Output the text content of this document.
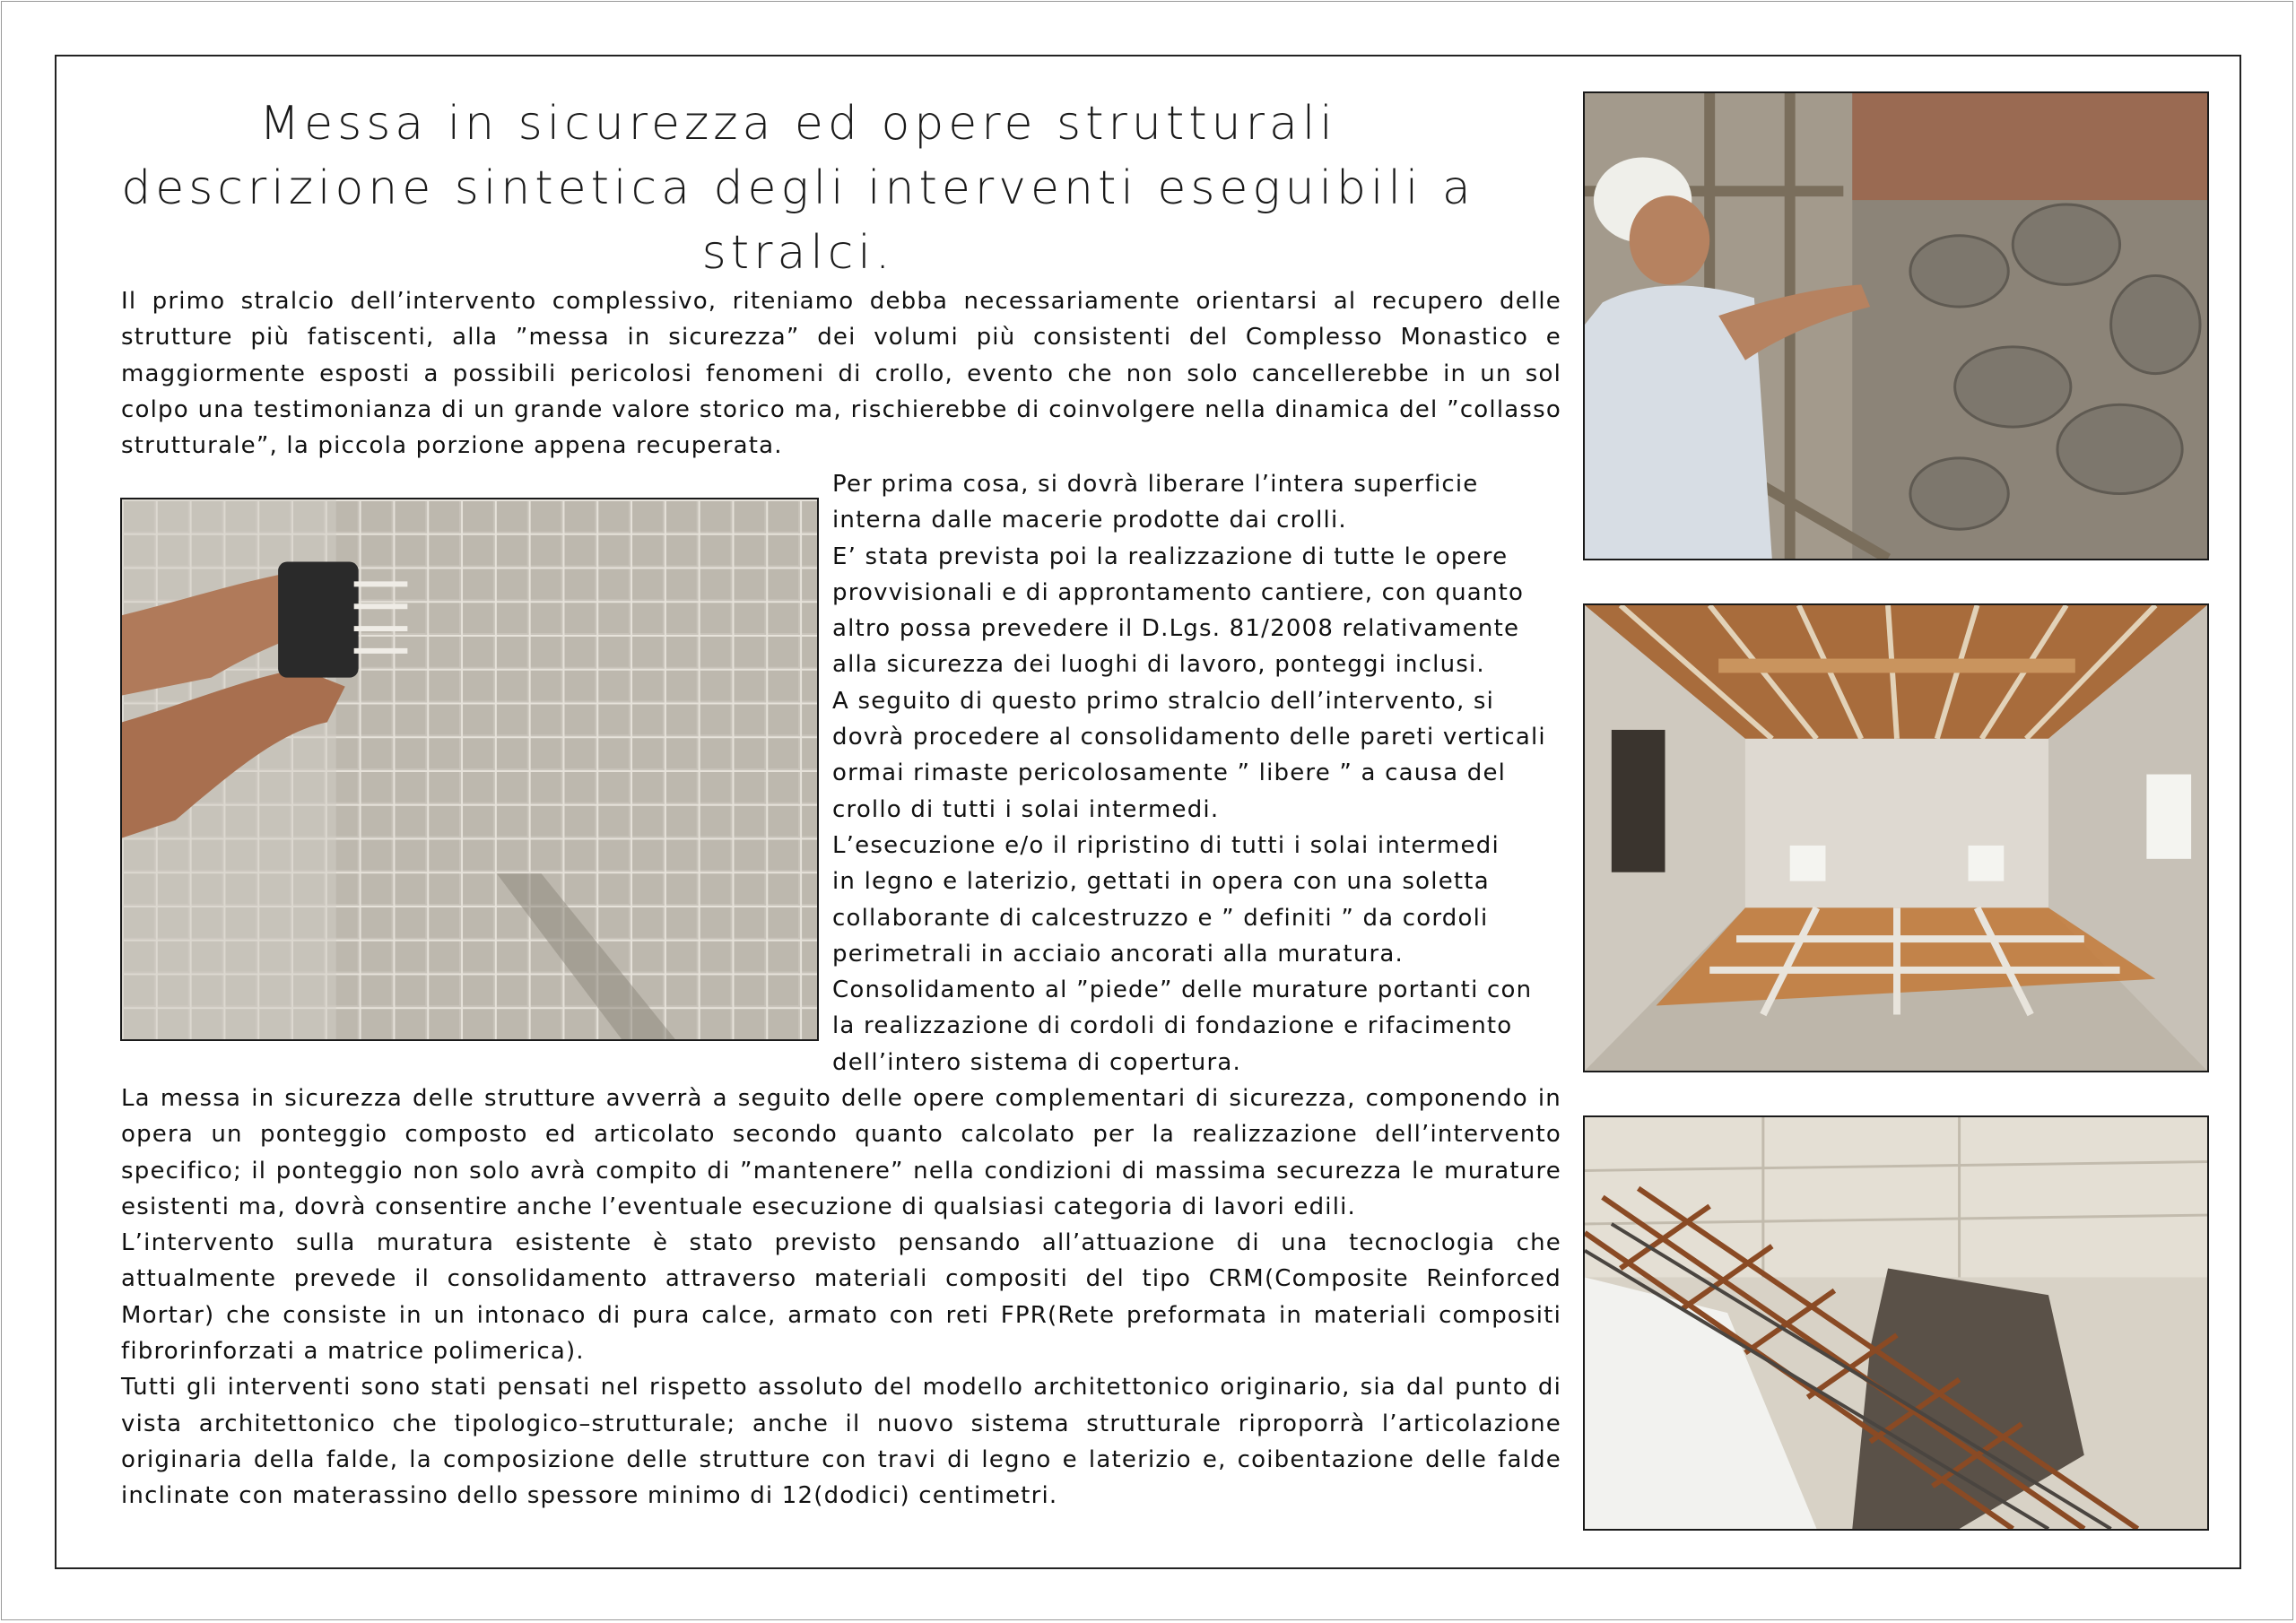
Messa in sicurezza ed opere strutturali
descrizione sintetica degli interventi eseguibili a stralci.

Il primo stralcio dell’intervento complessivo, riteniamo debba necessariamente orientarsi al recupero delle strutture più fatiscenti, alla ”messa in sicurezza” dei volumi più consistenti del Complesso Monastico e maggiormente esposti a possibili pericolosi fenomeni di crollo, evento che non solo cancellerebbe in un sol colpo una testimonianza di un grande valore storico ma, rischierebbe di coinvolgere nella dinamica del ”collasso strutturale”, la piccola porzione appena recuperata.

Per prima cosa, si dovrà liberare l’intera superficie
interna dalle macerie prodotte dai crolli.
E’ stata prevista poi la realizzazione di tutte le opere
provvisionali e di approntamento cantiere, con quanto
altro possa prevedere il D.Lgs. 81/2008 relativamente
alla sicurezza dei luoghi di lavoro, ponteggi inclusi.
A seguito di questo primo stralcio dell’intervento, si
dovrà procedere al consolidamento delle pareti verticali
ormai rimaste pericolosamente ” libere ” a causa del
crollo di tutti i solai intermedi.
L’esecuzione e/o il ripristino di tutti i solai intermedi
in legno e laterizio, gettati in opera con una soletta
collaborante di calcestruzzo e ” definiti ” da cordoli
perimetrali in acciaio ancorati alla muratura.
Consolidamento al ”piede” delle murature portanti con
la realizzazione di cordoli di fondazione e rifacimento
dell’intero sistema di copertura.
La messa in sicurezza delle strutture avverrà a seguito delle opere complementari di sicurezza, componendo in opera un ponteggio composto ed articolato secondo quanto calcolato per la realizzazione dell’intervento specifico; il ponteggio non solo avrà compito di ”mantenere” nella condizioni di massima securezza le murature esistenti ma, dovrà consentire anche l’eventuale esecuzione di qualsiasi categoria di lavori edili.
L’intervento sulla muratura esistente è stato previsto pensando all’attuazione di una tecnoclogia che attualmente prevede il consolidamento attraverso materiali compositi del tipo CRM(Composite Reinforced Mortar) che consiste in un intonaco di pura calce, armato con reti FPR(Rete preformata in materiali compositi fibrorinforzati a matrice polimerica).
Tutti gli interventi sono stati pensati nel rispetto assoluto del modello architettonico originario, sia dal punto di vista architettonico che tipologico–strutturale; anche il nuovo sistema strutturale riproporrà l’articolazione originaria della falde, la composizione delle strutture con travi di legno e laterizio e, coibentazione delle falde inclinate con materassino dello spessore minimo di 12(dodici) centimetri.
